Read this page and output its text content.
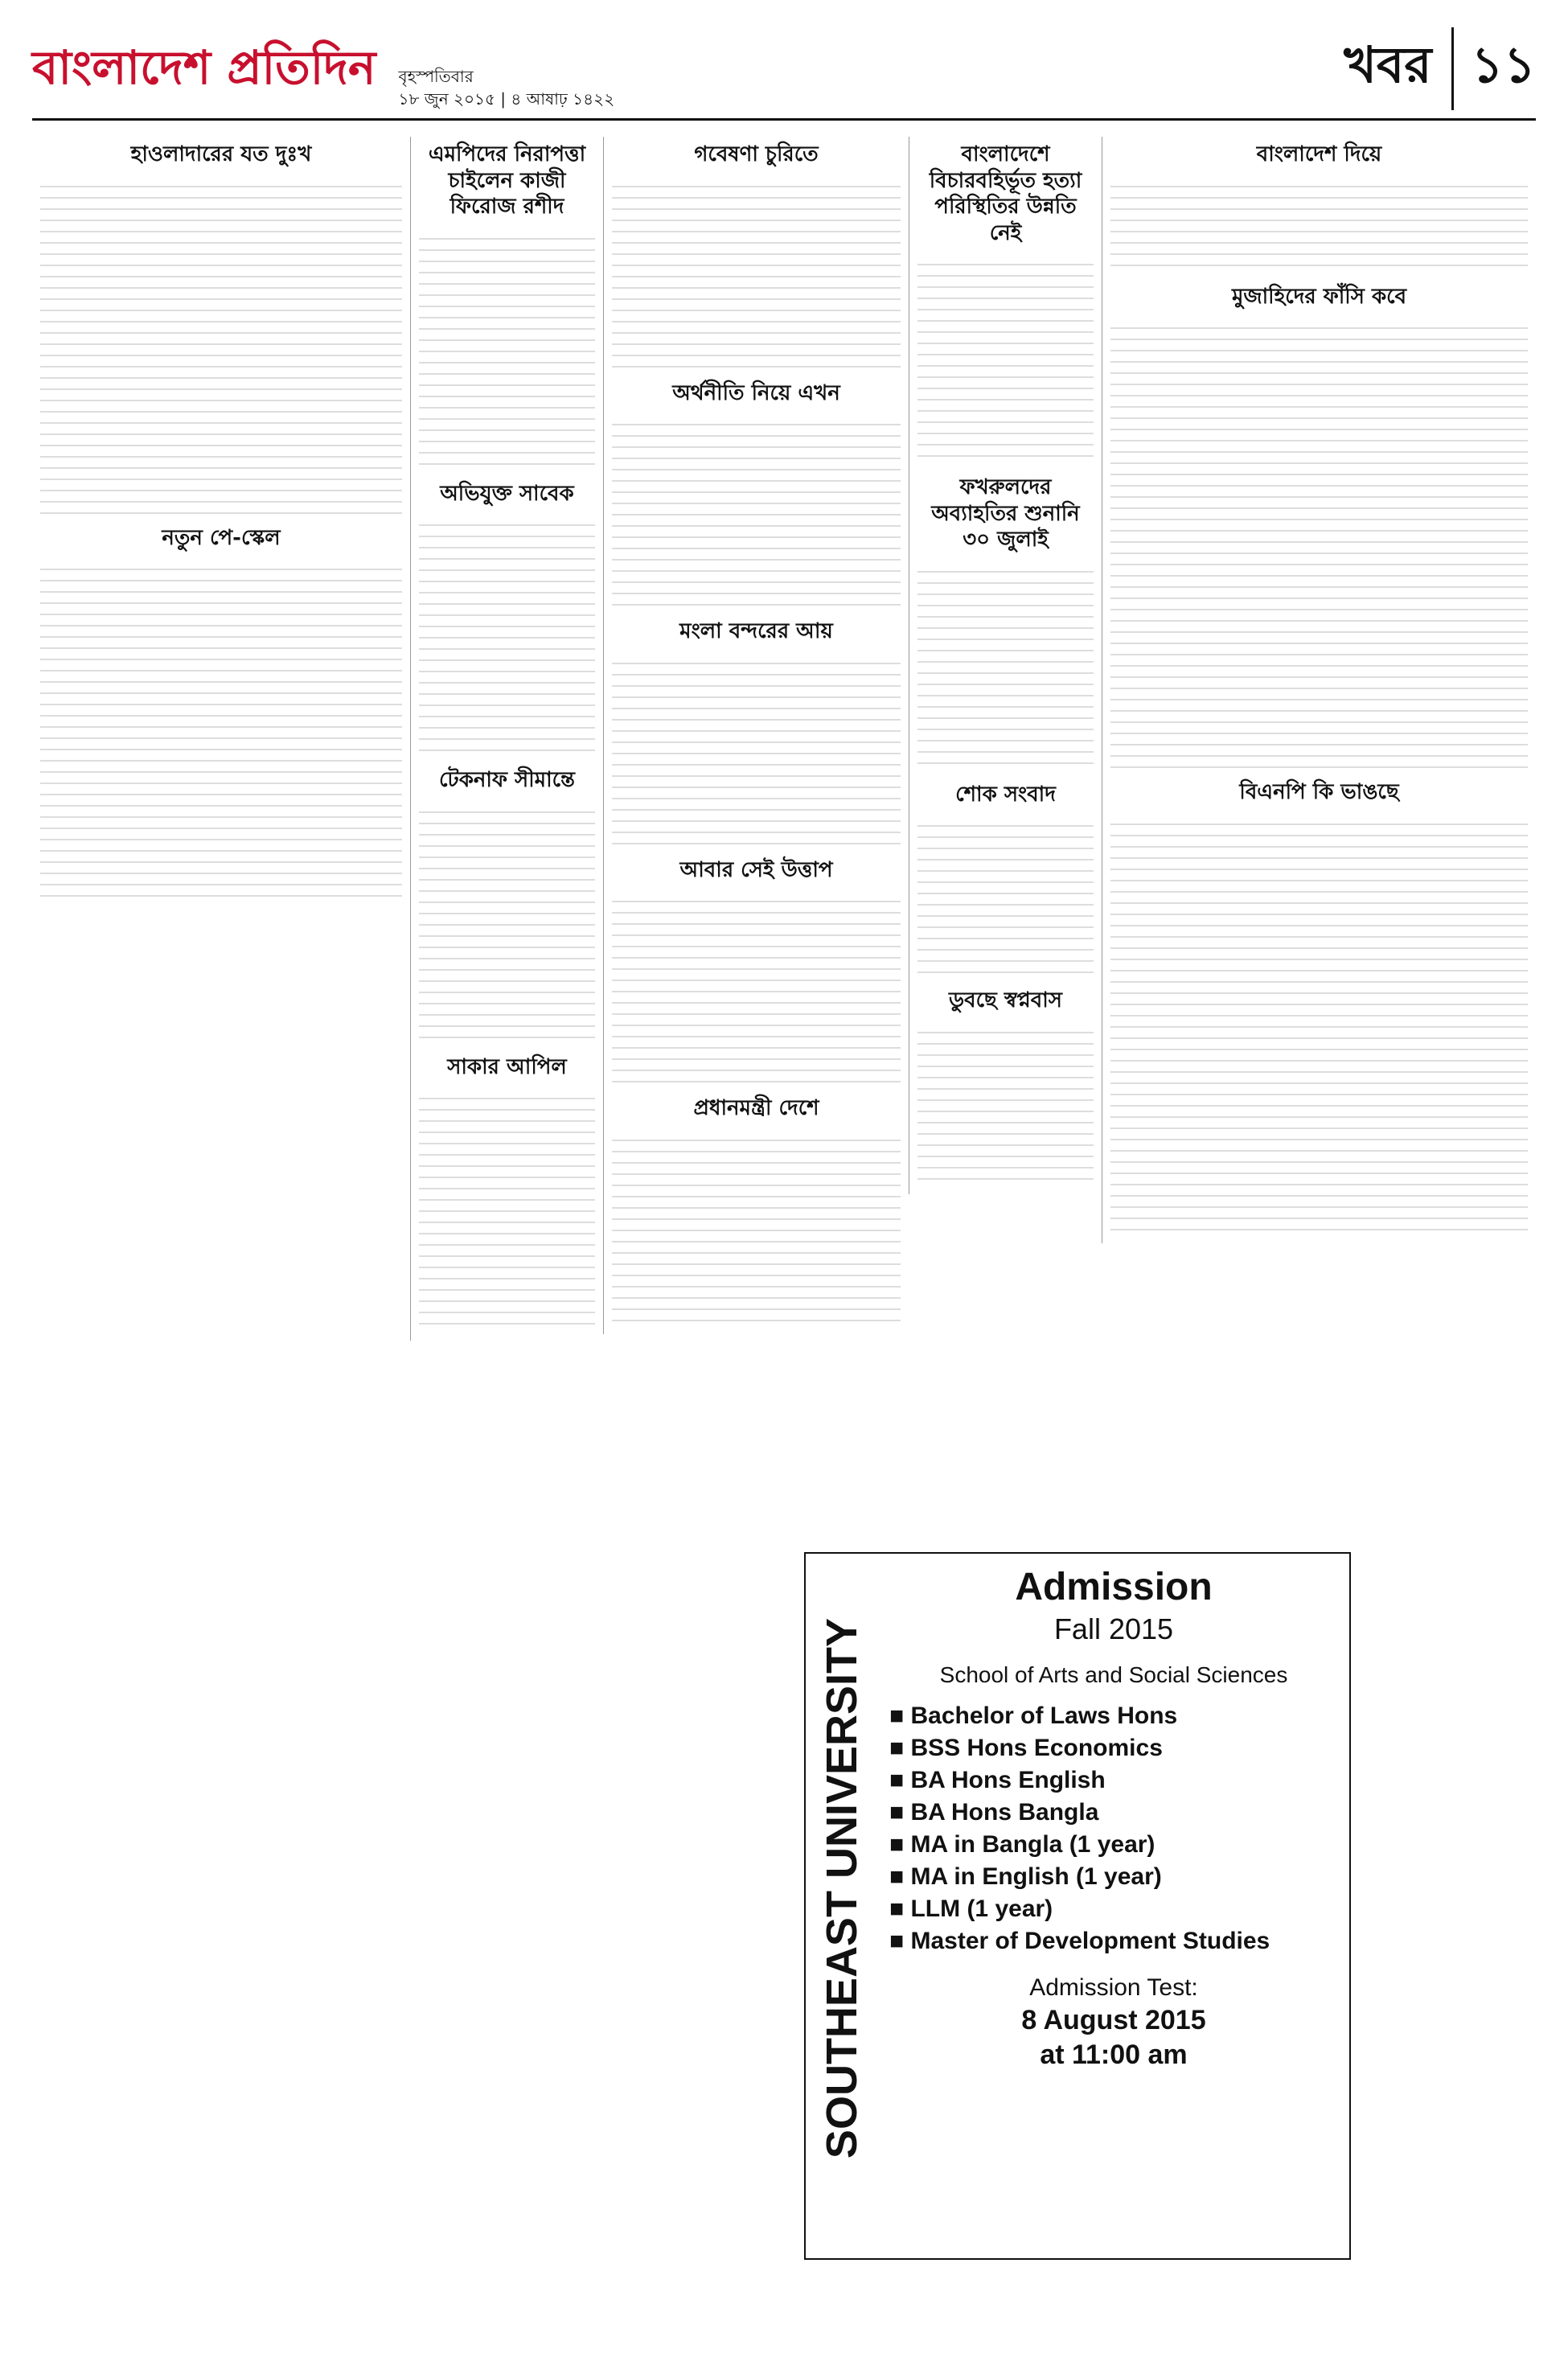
বাংলাদেশ প্রতিদিন বৃহস্পতিবার
১৮ জুন ২০১৫ | ৪ আষাঢ় ১৪২২
খবর ১১
হাওলাদারের যত দুঃখ
নতুন পে-স্কেল
এমপিদের নিরাপত্তা চাইলেন কাজী ফিরোজ রশীদ
অভিযুক্ত সাবেক
টেকনাফ সীমান্তে
সাকার আপিল
গবেষণা চুরিতে
অর্থনীতি নিয়ে এখন
মংলা বন্দরের আয়
আবার সেই উত্তাপ
প্রধানমন্ত্রী দেশে
বাংলাদেশে বিচারবহির্ভূত হত্যা পরিস্থিতির উন্নতি নেই
ফখরুলদের অব্যাহতির শুনানি ৩০ জুলাই
শোক সংবাদ
ডুবছে স্বপ্নবাস
বাংলাদেশ দিয়ে
মুজাহিদের ফাঁসি কবে
বিএনপি কি ভাঙছে
SOUTHEAST UNIVERSITY
Admission
Fall 2015
School of Arts and Social Sciences
■ Bachelor of Laws Hons
■ BSS Hons Economics
■ BA Hons English
■ BA Hons Bangla
■ MA in Bangla (1 year)
■ MA in English (1 year)
■ LLM (1 year)
■ Master of Development Studies
Admission Test:
8 August 2015
at 11:00 am
